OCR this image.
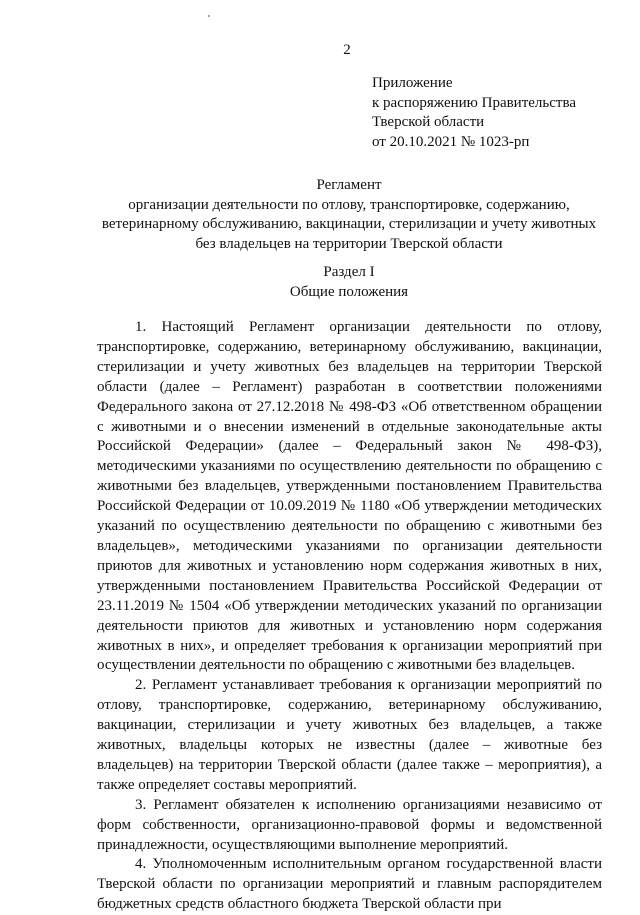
2
Приложение
к распоряжению Правительства
Тверской области
от 20.10.2021 № 1023-рп
Регламент
организации деятельности по отлову, транспортировке, содержанию,
ветеринарному обслуживанию, вакцинации, стерилизации и учету животных
без владельцев на территории Тверской области
Раздел I
Общие положения

1. Настоящий Регламент организации деятельности по отлову, транспортировке, содержанию, ветеринарному обслуживанию, вакцинации, стерилизации и учету животных без владельцев на территории Тверской области (далее – Регламент) разработан в соответствии положениями Федерального закона от 27.12.2018 № 498-ФЗ «Об ответственном обращении с животными и о внесении изменений в отдельные законодательные акты Российской Федерации» (далее – Федеральный закон № 498-ФЗ), методическими указаниями по осуществлению деятельности по обращению с животными без владельцев, утвержденными постановлением Правительства Российской Федерации от 10.09.2019 № 1180 «Об утверждении методических указаний по осуществлению деятельности по обращению с животными без владельцев», методическими указаниями по организации деятельности приютов для животных и установлению норм содержания животных в них, утвержденными постановлением Правительства Российской Федерации от 23.11.2019 № 1504 «Об утверждении методических указаний по организации деятельности приютов для животных и установлению норм содержания животных в них», и определяет требования к организации мероприятий при осуществлении деятельности по обращению с животными без владельцев.

2. Регламент устанавливает требования к организации мероприятий по отлову, транспортировке, содержанию, ветеринарному обслуживанию, вакцинации, стерилизации и учету животных без владельцев, а также животных, владельцы которых не известны (далее – животные без владельцев) на территории Тверской области (далее также – мероприятия), а также определяет составы мероприятий.

3. Регламент обязателен к исполнению организациями независимо от форм собственности, организационно-правовой формы и ведомственной принадлежности, осуществляющими выполнение мероприятий.

4. Уполномоченным исполнительным органом государственной власти Тверской области по организации мероприятий и главным распорядителем бюджетных средств областного бюджета Тверской области при
